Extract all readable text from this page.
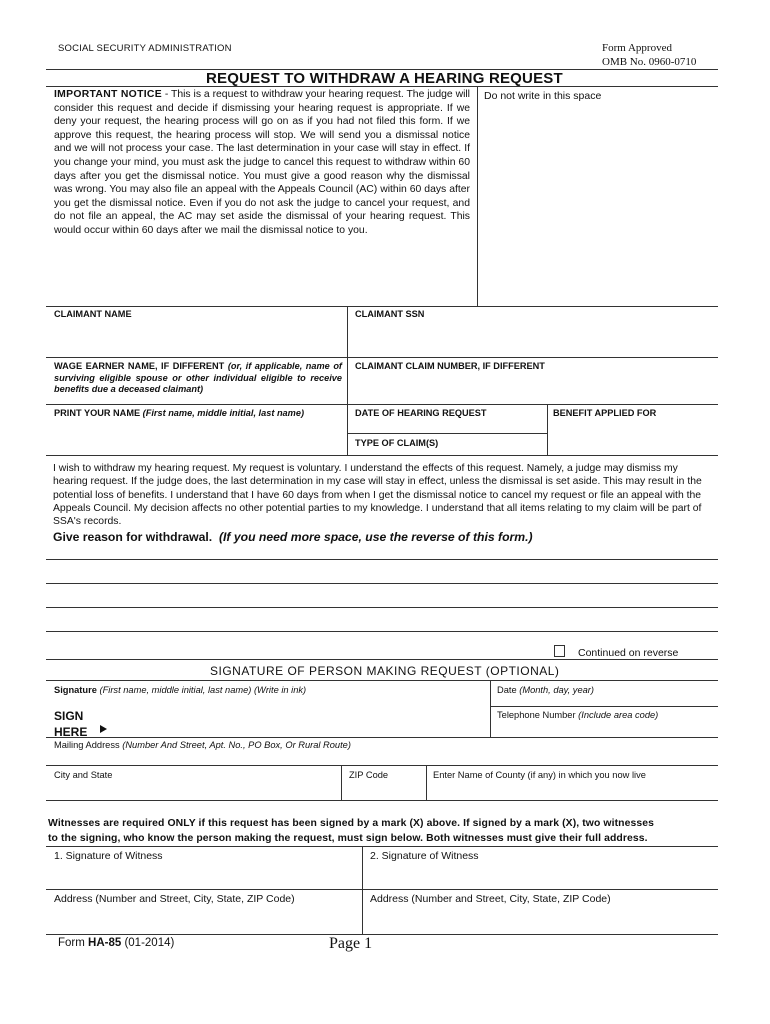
SOCIAL SECURITY ADMINISTRATION	Form Approved
OMB No. 0960-0710
REQUEST TO WITHDRAW A HEARING REQUEST
IMPORTANT NOTICE - This is a request to withdraw your hearing request. The judge will consider this request and decide if dismissing your hearing request is appropriate. If we deny your request, the hearing process will go on as if you had not filed this form. If we approve this request, the hearing process will stop. We will send you a dismissal notice and we will not process your case. The last determination in your case will stay in effect. If you change your mind, you must ask the judge to cancel this request to withdraw within 60 days after you get the dismissal notice. You must give a good reason why the dismissal was wrong. You may also file an appeal with the Appeals Council (AC) within 60 days after you get the dismissal notice. Even if you do not ask the judge to cancel your request, and do not file an appeal, the AC may set aside the dismissal of your hearing request. This would occur within 60 days after we mail the dismissal notice to you.
Do not write in this space
CLAIMANT NAME	CLAIMANT SSN
WAGE EARNER NAME, IF DIFFERENT (or, if applicable, name of surviving eligible spouse or other individual eligible to receive benefits due a deceased claimant)
CLAIMANT CLAIM NUMBER, IF DIFFERENT
PRINT YOUR NAME (First name, middle initial, last name)	DATE OF HEARING REQUEST	BENEFIT APPLIED FOR
TYPE OF CLAIM(S)
I wish to withdraw my hearing request. My request is voluntary. I understand the effects of this request. Namely, a judge may dismiss my hearing request. If the judge does, the last determination in my case will stay in effect, unless the dismissal is set aside. This may result in the potential loss of benefits. I understand that I have 60 days from when I get the dismissal notice to cancel my request or file an appeal with the Appeals Council. My decision affects no other potential parties to my knowledge. I understand that all items relating to my claim will be part of SSA's records.
Give reason for withdrawal. (If you need more space, use the reverse of this form.)
Continued on reverse
SIGNATURE OF PERSON MAKING REQUEST (OPTIONAL)
Signature (First name, middle initial, last name) (Write in ink)	Date (Month, day, year)
Telephone Number (Include area code)
SIGN
HERE
Mailing Address (Number And Street, Apt. No., PO Box, Or Rural Route)
City and State	ZIP Code	Enter Name of County (if any) in which you now live
Witnesses are required ONLY if this request has been signed by a mark (X) above. If signed by a mark (X), two witnesses
to the signing, who know the person making the request, must sign below. Both witnesses must give their full address.
1. Signature of Witness	2. Signature of Witness
Address (Number and Street, City, State, ZIP Code)	Address (Number and Street, City, State, ZIP Code)
Form HA-85 (01-2014)	Page 1
